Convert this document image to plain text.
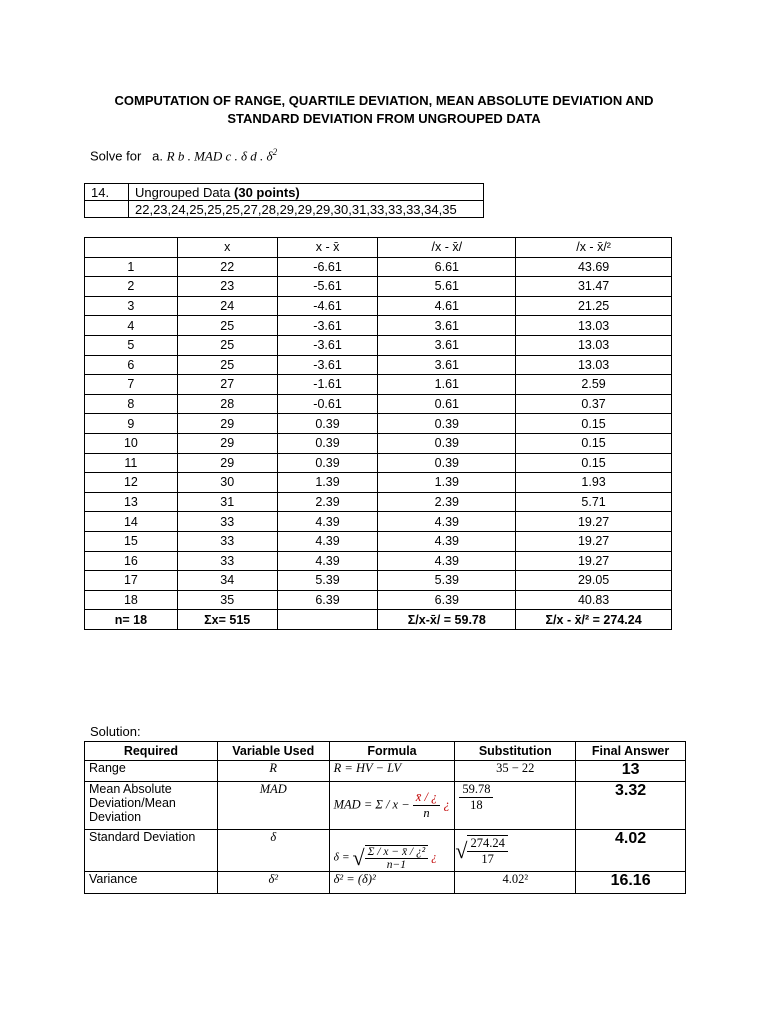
COMPUTATION OF RANGE, QUARTILE DEVIATION, MEAN ABSOLUTE DEVIATION AND
STANDARD DEVIATION FROM UNGROUPED DATA
Solve for a. R b . MAD c . δ d . $\delta^2$
14.	Ungrouped Data (30 points)
	22,23,24,25,25,25,27,28,29,29,29,30,31,33,33,33,34,35
	x	x - x̄	/x - x̄/	/x - x̄/²
1	22	-6.61	6.61	43.69
2	23	-5.61	5.61	31.47
3	24	-4.61	4.61	21.25
4	25	-3.61	3.61	13.03
5	25	-3.61	3.61	13.03
6	25	-3.61	3.61	13.03
7	27	-1.61	1.61	2.59
8	28	-0.61	0.61	0.37
9	29	0.39	0.39	0.15
10	29	0.39	0.39	0.15
11	29	0.39	0.39	0.15
12	30	1.39	1.39	1.93
13	31	2.39	2.39	5.71
14	33	4.39	4.39	19.27
15	33	4.39	4.39	19.27
16	33	4.39	4.39	19.27
17	34	5.39	5.39	29.05
18	35	6.39	6.39	40.83
n= 18	Σx= 515		Σ/x-x̄/ = 59.78	Σ/x - x̄/² = 274.24
Solution:
Required	Variable Used	Formula	Substitution	Final Answer
Range	R	R = HV − LV	35 − 22	13
Mean Absolute Deviation/Mean Deviation	MAD	MAD = $\Sigma / x - \frac{x̄ / ¿}{n}$ ¿	$\frac{59.78}{18}$	3.32
Standard Deviation	δ	δ = √ $\frac{\text{Σ / x − x̄ / ¿²}}{n-1}$ ¿	√ $\frac{274.24}{17}$	4.02
Variance	δ²	δ² = (δ)²	4.02²	16.16
